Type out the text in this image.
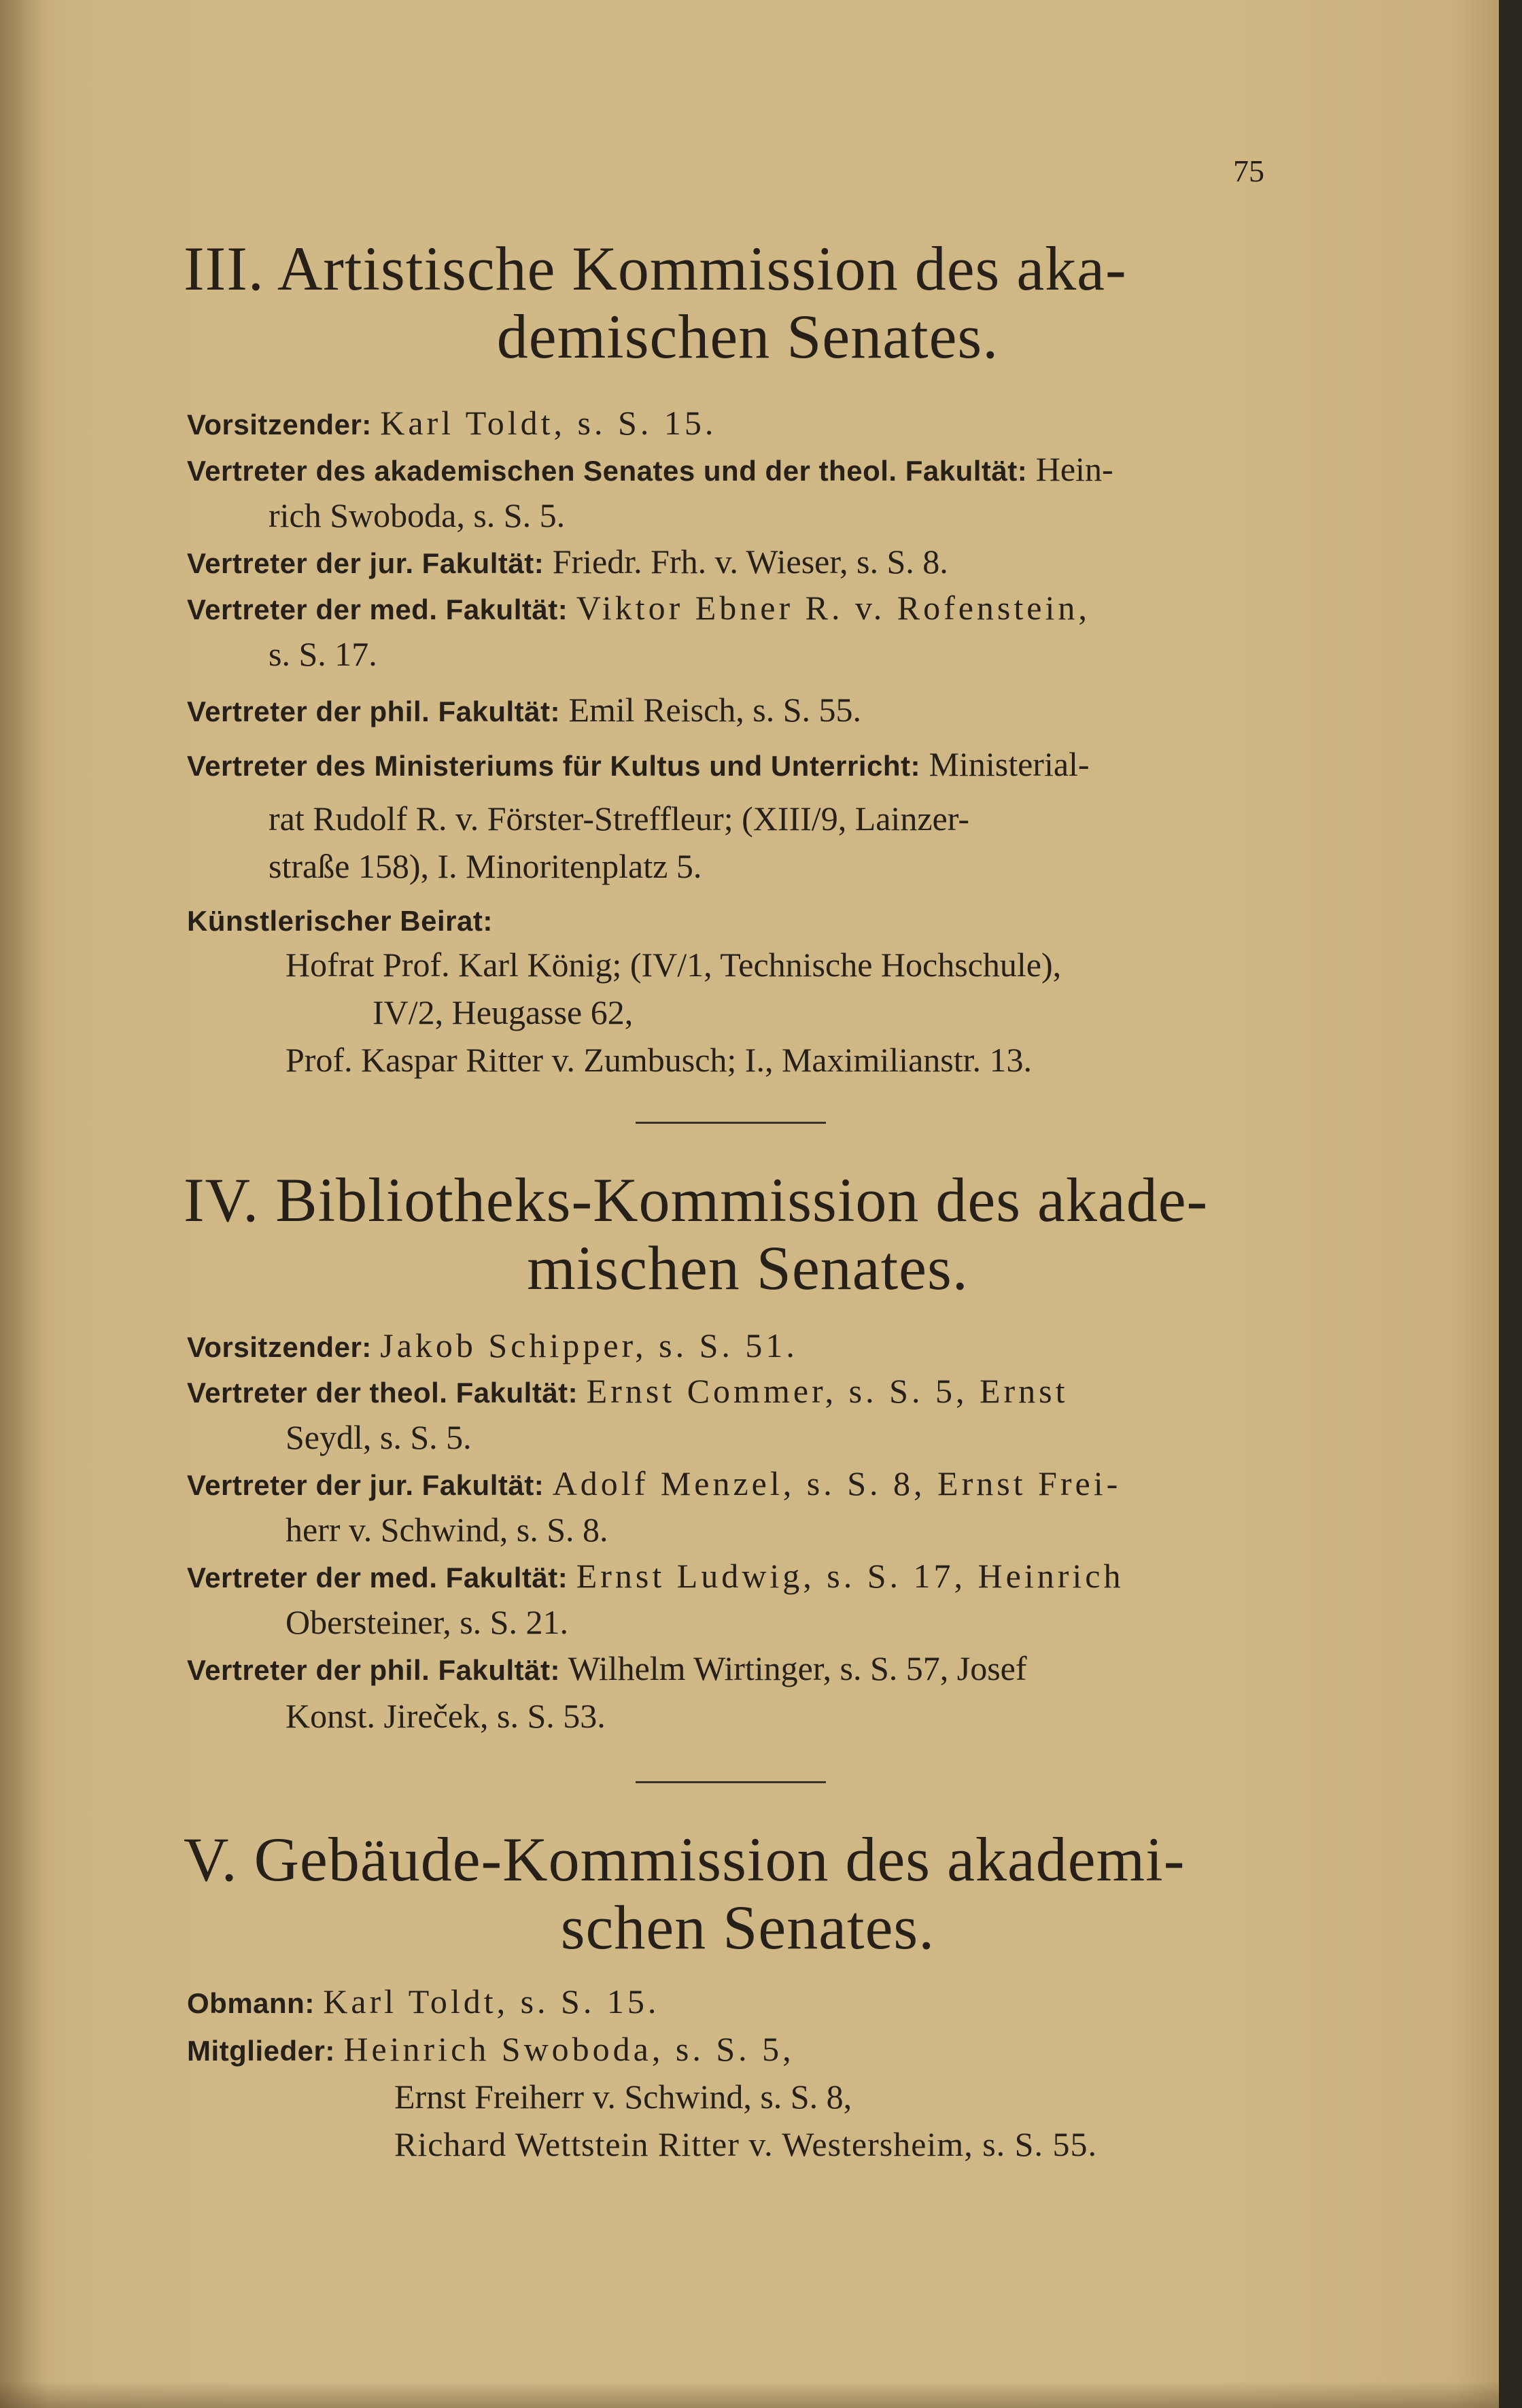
75
III. Artistische Kommission des aka-
demischen Senates.
Vorsitzender: Karl Toldt, s. S. 15.
Vertreter des akademischen Senates und der theol. Fakultät: Hein-
rich Swoboda, s. S. 5.
Vertreter der jur. Fakultät: Friedr. Frh. v. Wieser, s. S. 8.
Vertreter der med. Fakultät: Viktor Ebner R. v. Rofenstein,
s. S. 17.
Vertreter der phil. Fakultät: Emil Reisch, s. S. 55.
Vertreter des Ministeriums für Kultus und Unterricht: Ministerial-
rat Rudolf R. v. Förster-Streffleur; (XIII/9, Lainzer-
straße 158), I. Minoritenplatz 5.
Künstlerischer Beirat:
Hofrat Prof. Karl König; (IV/1, Technische Hochschule),
IV/2, Heugasse 62,
Prof. Kaspar Ritter v. Zumbusch; I., Maximilianstr. 13.
IV. Bibliotheks-Kommission des akade-
mischen Senates.
Vorsitzender: Jakob Schipper, s. S. 51.
Vertreter der theol. Fakultät: Ernst Commer, s. S. 5, Ernst
Seydl, s. S. 5.
Vertreter der jur. Fakultät: Adolf Menzel, s. S. 8, Ernst Frei-
herr v. Schwind, s. S. 8.
Vertreter der med. Fakultät: Ernst Ludwig, s. S. 17, Heinrich
Obersteiner, s. S. 21.
Vertreter der phil. Fakultät: Wilhelm Wirtinger, s. S. 57, Josef
Konst. Jireček, s. S. 53.
V. Gebäude-Kommission des akademi-
schen Senates.
Obmann: Karl Toldt, s. S. 15.
Mitglieder: Heinrich Swoboda, s. S. 5,
Ernst Freiherr v. Schwind, s. S. 8,
Richard Wettstein Ritter v. Westersheim, s. S. 55.
